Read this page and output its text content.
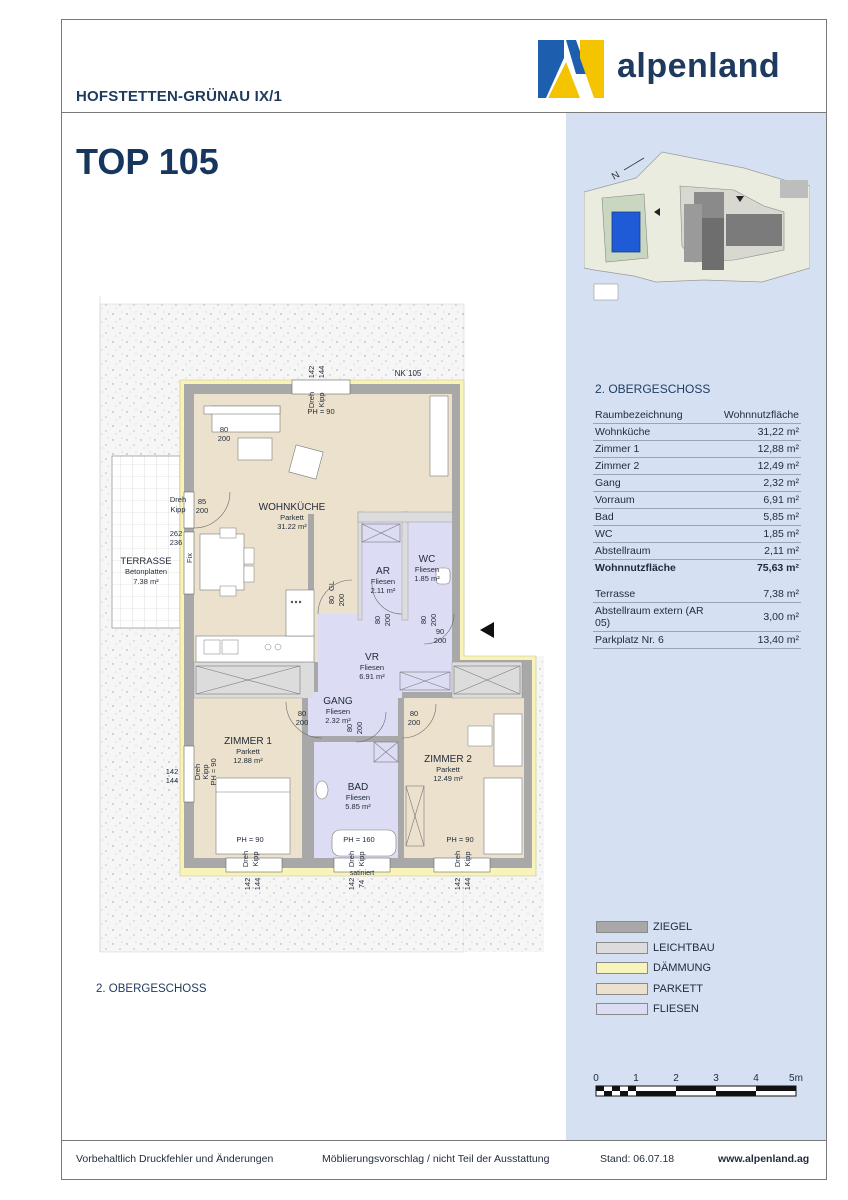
HOFSTETTEN-GRÜNAU IX/1
TOP 105
alpenland
N
2. OBERGESCHOSS
Raumbezeichnung	Wohnnutzfläche
Wohnküche	31,22 m²
Zimmer 1	12,88 m²
Zimmer 2	12,49 m²
Gang	2,32 m²
Vorraum	6,91 m²
Bad	5,85 m²
WC	1,85 m²
Abstellraum	2,11 m²
Wohnnutzfläche	75,63 m²

Terrasse	7,38 m²
Abstellraum extern (AR 05)	3,00 m²
Parkplatz Nr. 6	13,40 m²
NK 105
TERRASSE
Betonplatten
7.38 m²
WOHNKÜCHE
Parkett
31.22 m²
AR
Fliesen
2.11 m²
WC
Fliesen
1.85 m²
VR
Fliesen
6.91 m²
GANG
Fliesen
2.32 m²
ZIMMER 1
Parkett
12.88 m²	ZIMMER 2
Parkett
12.49 m²
BAD
Fliesen
5.85 m²
PH = 90
PH = 90	PH = 160	PH = 90
satiniert
80
200
Dreh
Kipp
85
200
262
236
142
144
80
200
80
200
90
200
142 144
Dreh Kipp
Fix
80
GL
200
80 200	80 200
80 200
Dreh Kipp PH = 90
Dreh Kipp	Dreh Kipp	Dreh Kipp
142 144	142 74	142 144
2. OBERGESCHOSS
ZIEGEL
LEICHTBAU
DÄMMUNG
PARKETT
FLIESEN
0	1	2	3	4	5m
Vorbehaltlich Druckfehler und Änderungen	Möblierungsvorschlag / nicht Teil der Ausstattung	Stand: 06.07.18	www.alpenland.ag
